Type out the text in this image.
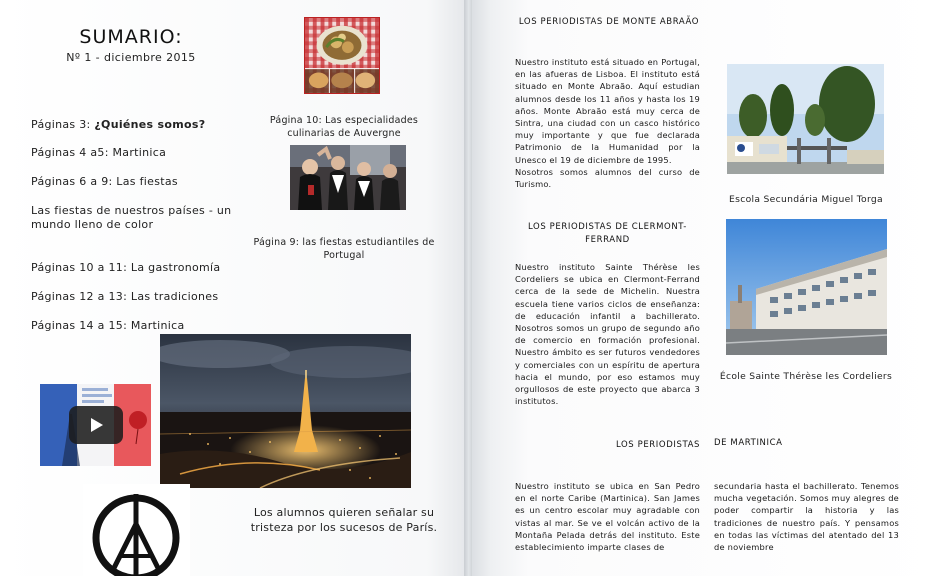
SUMARIO:
Nº 1 - diciembre 2015
Páginas 3: ¿Quiénes somos?
Páginas 4 a5: Martinica
Páginas 6 a 9: Las fiestas
Las fiestas de nuestros países - un mundo lleno de color
Páginas 10 a 11: La gastronomía
Páginas 12 a 13: Las tradiciones
Páginas 14 a 15: Martinica
Página 10: Las especialidades culinarias de Auvergne
Página 9: las fiestas estudiantiles de Portugal
Los alumnos quieren señalar su tristeza por los sucesos de París.
LOS PERIODISTAS DE MONTE ABRAÃO

Nuestro instituto está situado en Portugal, en las afueras de Lisboa. El instituto está situado en Monte Abraão. Aquí estudian alumnos desde los 11 años y hasta los 19 años. Monte Abraão está muy cerca de Sintra, una ciudad con un casco histórico muy importante y que fue declarada Patrimonio de la Humanidad por la Unesco el 19 de diciembre de 1995.

Nosotros somos alumnos del curso de Turismo.

Escola Secundária Miguel Torga
LOS PERIODISTAS DE CLERMONT-FERRAND

Nuestro instituto Sainte Thérèse les Cordeliers se ubica en Clermont-Ferrand cerca de la sede de Michelin. Nuestra escuela tiene varios ciclos de enseñanza: de educación infantil a bachillerato. Nosotros somos un grupo de segundo año de comercio en formación profesional. Nuestro ámbito es ser futuros vendedores y comerciales con un espíritu de apertura hacia el mundo, por eso estamos muy orgullosos de este proyecto que abarca 3 institutos.

École Sainte Thérèse les Cordeliers
LOS PERIODISTAS DE MARTINICA

Nuestro instituto se ubica en San Pedro en el norte Caribe (Martinica). San James es un centro escolar muy agradable con vistas al mar. Se ve el volcán activo de la Montaña Pelada detrás del instituto. Este establecimiento imparte clases de

secundaria hasta el bachillerato. Tenemos mucha vegetación. Somos muy alegres de poder compartir la historia y las tradiciones de nuestro país. Y pensamos en todas las víctimas del atentado del 13 de noviembre
